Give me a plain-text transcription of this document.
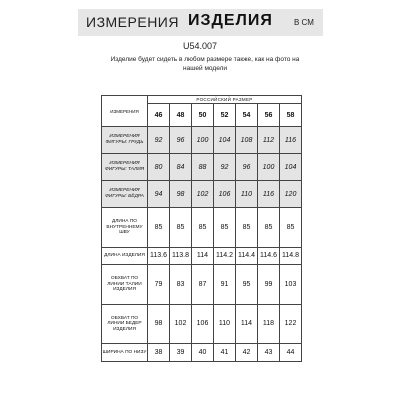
ИЗМЕРЕНИЯ ИЗДЕЛИЯ	В СМ
U54.007
Изделие будет сидеть в любом размере также, как на фото на нашей модели
ИЗМЕРЕНИЯ	РОССИЙСКИЙ РАЗМЕР						
	46	48	50	52	54	56	58
ИЗМЕРЕНИЯ ФИГУРЫ: ГРУДЬ	92	96	100	104	108	112	116
ИЗМЕРЕНИЯ ФИГУРЫ: ТАЛИЯ	80	84	88	92	96	100	104
ИЗМЕРЕНИЯ ФИГУРЫ: БЁДРА	94	98	102	106	110	116	120
ДЛИНА ПО ВНУТРЕННЕМУ ШВУ	85	85	85	85	85	85	85
ДЛИНА ИЗДЕЛИЯ	113.6	113.8	114	114.2	114.4	114.6	114.8
ОБХВАТ ПО ЛИНИИ ТАЛИИ ИЗДЕЛИЯ	79	83	87	91	95	99	103
ОБХВАТ ПО ЛИНИИ БЕДЕР ИЗДЕЛИЯ	98	102	106	110	114	118	122
ШИРИНА ПО НИЗУ	38	39	40	41	42	43	44
